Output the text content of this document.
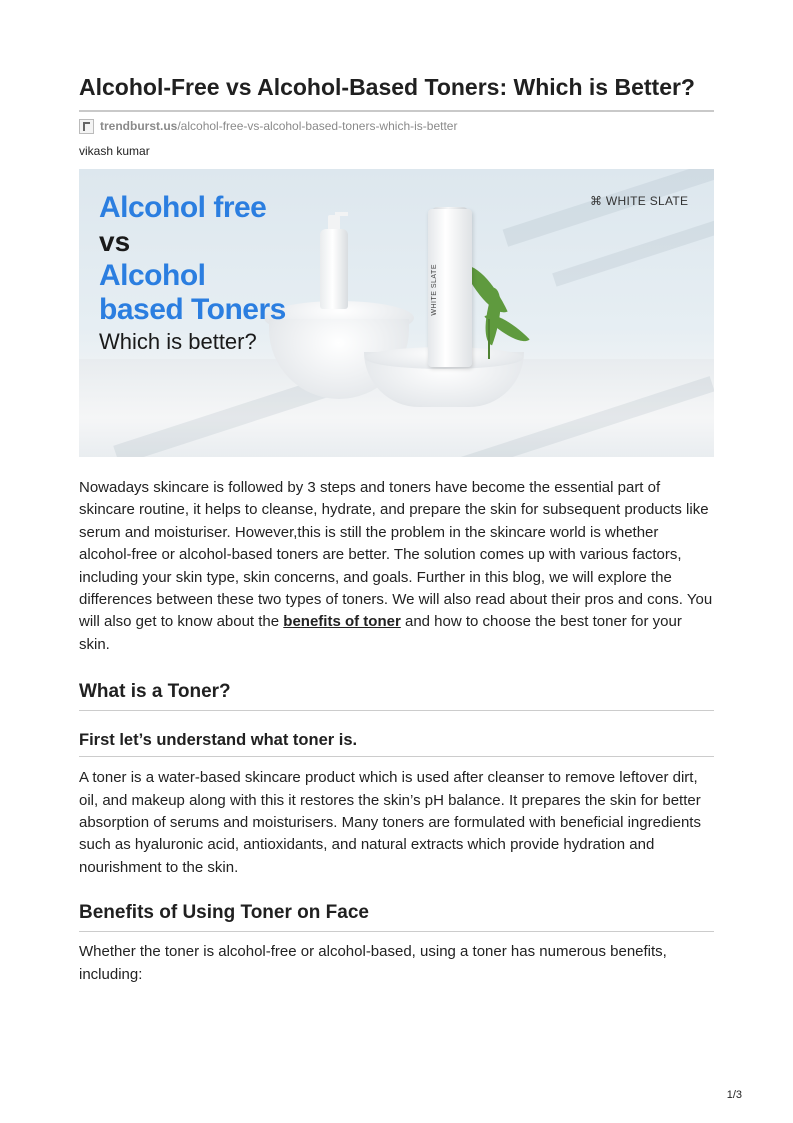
Alcohol-Free vs Alcohol-Based Toners: Which is Better?
trendburst.us/alcohol-free-vs-alcohol-based-toners-which-is-better
vikash kumar
WHITE SLATE
Alcohol free
vs
Alcohol
based Toners
Which is better?
⌘ WHITE SLATE

Nowadays skincare is followed by 3 steps and toners have become the essential part of skincare routine, it helps to cleanse, hydrate, and prepare the skin for subsequent products like serum and moisturiser. However,this is still the problem in the skincare world is whether alcohol-free or alcohol-based toners are better. The solution comes up with various factors, including your skin type, skin concerns, and goals. Further in this blog, we will explore the differences between these two types of toners. We will also read about their pros and cons. You will also get to know about the benefits of toner and how to choose the best toner for your skin.

What is a Toner?
First let’s understand what toner is.

A toner is a water-based skincare product which is used after cleanser to remove leftover dirt, oil, and makeup along with this it restores the skin’s pH balance. It prepares the skin for better absorption of serums and moisturisers. Many toners are formulated with beneficial ingredients such as hyaluronic acid, antioxidants, and natural extracts which provide hydration and nourishment to the skin.

Benefits of Using Toner on Face

Whether the toner is alcohol-free or alcohol-based, using a toner has numerous benefits, including:

1/3
